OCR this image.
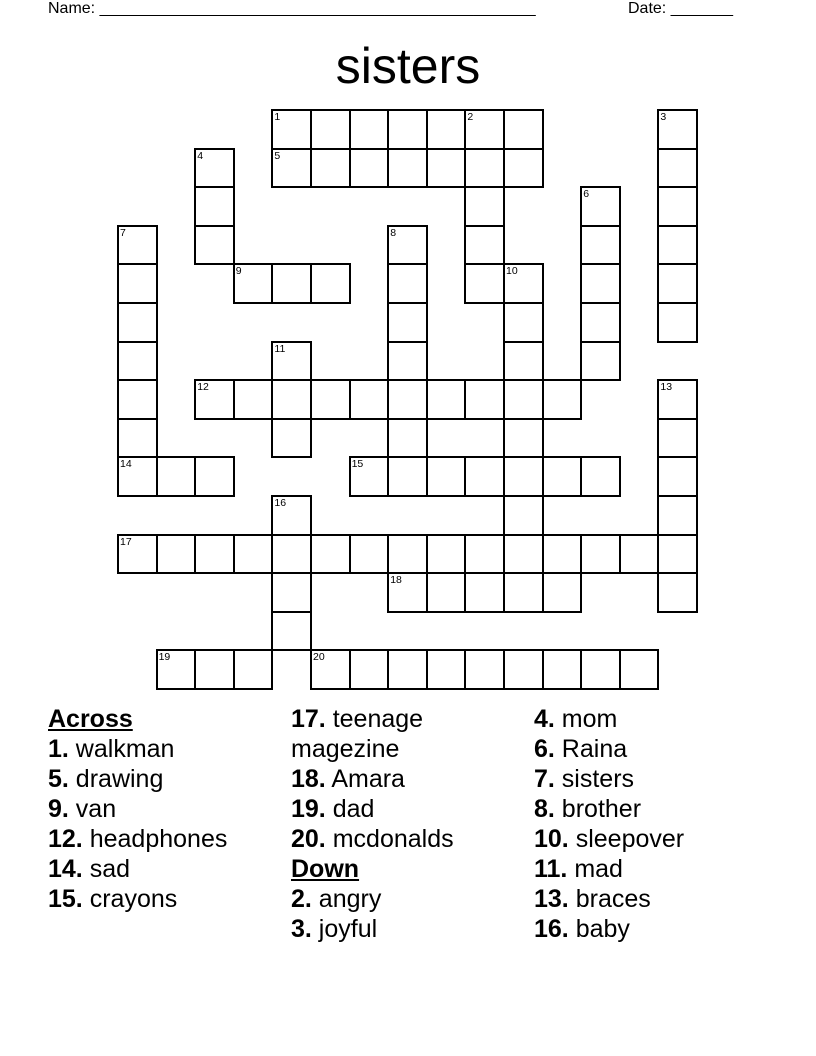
Name: _________________________________________________	Date: _______
sisters
1	2	3
4	5
6
7	8
9	10
11
12	13
14	15
16
17
18
19	20
Across
1. walkman
5. drawing
9. van
12. headphones
14. sad
15. crayons
17. teenage magezine
18. Amara
19. dad
20. mcdonalds
Down
2. angry
3. joyful
4. mom
6. Raina
7. sisters
8. brother
10. sleepover
11. mad
13. braces
16. baby
